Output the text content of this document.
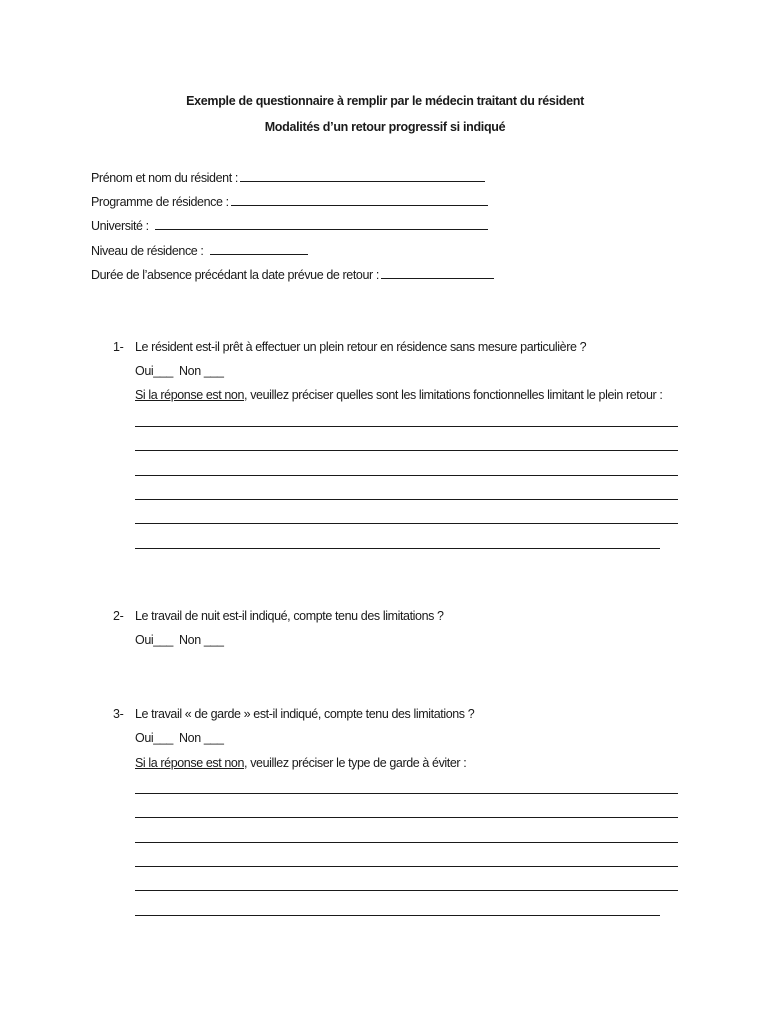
Exemple de questionnaire à remplir par le médecin traitant du résident
Modalités d’un retour progressif si indiqué
Prénom et nom du résident :
Programme de résidence :
Université :
Niveau de résidence :
Durée de l’absence précédant la date prévue de retour :
1- Le résident est-il prêt à effectuer un plein retour en résidence sans mesure particulière ?
Oui___  Non ___
Si la réponse est non, veuillez préciser quelles sont les limitations fonctionnelles limitant le plein retour :
2- Le travail de nuit est-il indiqué, compte tenu des limitations ?
Oui___  Non ___
3- Le travail « de garde » est-il indiqué, compte tenu des limitations ?
Oui___  Non ___
Si la réponse est non, veuillez préciser le type de garde à éviter :
